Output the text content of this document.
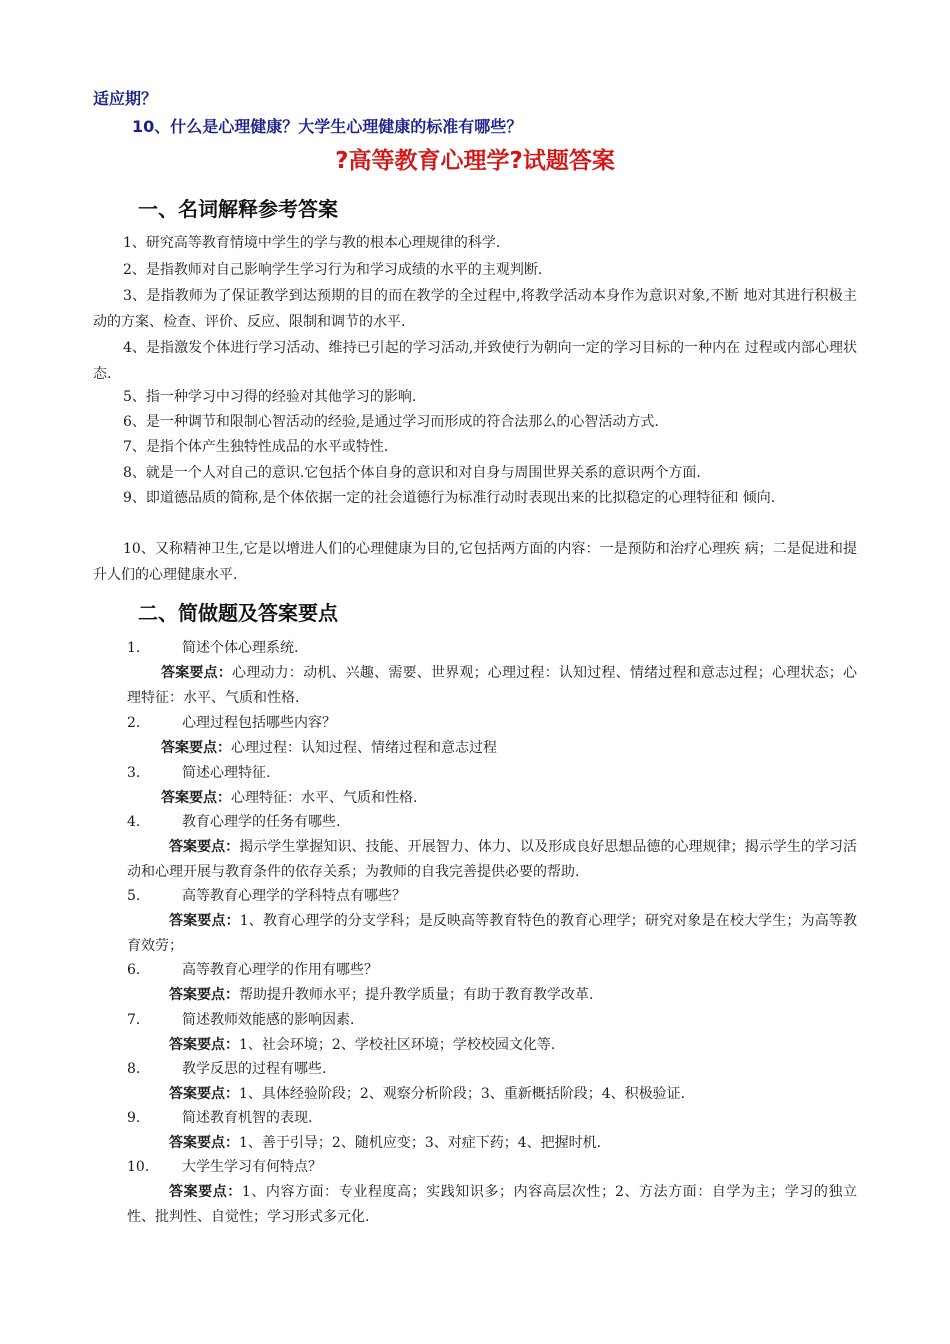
适应期？
10、什么是心理健康？大学生心理健康的标准有哪些？
?高等教育心理学?试题答案
一、名词解释参考答案

1、研究高等教育情境中学生的学与教的根本心理规律的科学.

2、是指教师对自己影响学生学习行为和学习成绩的水平的主观判断.

3、是指教师为了保证教学到达预期的目的而在教学的全过程中,将教学活动本身作为意识对象,不断 地对其进行积极主动的方案、检查、评价、反应、限制和调节的水平.

4、是指激发个体进行学习活动、维持已引起的学习活动,并致使行为朝向一定的学习目标的一种内在 过程或内部心理状态.

5、指一种学习中习得的经验对其他学习的影响.

6、是一种调节和限制心智活动的经验,是通过学习而形成的符合法那么的心智活动方式.

7、是指个体产生独特性成品的水平或特性.

8、就是一个人对自己的意识.它包括个体自身的意识和对自身与周围世界关系的意识两个方面.

9、即道德品质的简称,是个体依据一定的社会道德行为标准行动时表现出来的比拟稳定的心理特征和 倾向.

10、又称精神卫生,它是以增进人们的心理健康为目的,它包括两方面的内容：一是预防和治疗心理疾 病；二是促进和提升人们的心理健康水平.

二、简做题及答案要点
1.	简述个体心理系统.

答案要点：心理动力：动机、兴趣、需要、世界观；心理过程：认知过程、情绪过程和意志过程；心理状态；心理特征：水平、气质和性格.

2.	心理过程包括哪些内容？

答案要点：心理过程：认知过程、情绪过程和意志过程

3.	简述心理特征.

答案要点：心理特征：水平、气质和性格.

4.	教育心理学的任务有哪些.

答案要点：揭示学生掌握知识、技能、开展智力、体力、以及形成良好思想品德的心理规律；揭示学生的学习活动和心理开展与教育条件的依存关系；为教师的自我完善提供必要的帮助.

5.	高等教育心理学的学科特点有哪些？

答案要点：1、教育心理学的分支学科；是反映高等教育特色的教育心理学；研究对象是在校大学生；为高等教育效劳；

6.	高等教育心理学的作用有哪些？

答案要点：帮助提升教师水平；提升教学质量；有助于教育教学改革.

7.	简述教师效能感的影响因素.

答案要点：1、社会环境；2、学校社区环境；学校校园文化等.

8.	教学反思的过程有哪些.

答案要点：1、具体经验阶段；2、观察分析阶段；3、重新概括阶段；4、积极验证.

9.	简述教育机智的表现.

答案要点：1、善于引导；2、随机应变；3、对症下药；4、把握时机.

10. 大学生学习有何特点？

答案要点：1、内容方面：专业程度高；实践知识多；内容高层次性；2、方法方面：自学为主；学习的独立性、批判性、自觉性；学习形式多元化.
